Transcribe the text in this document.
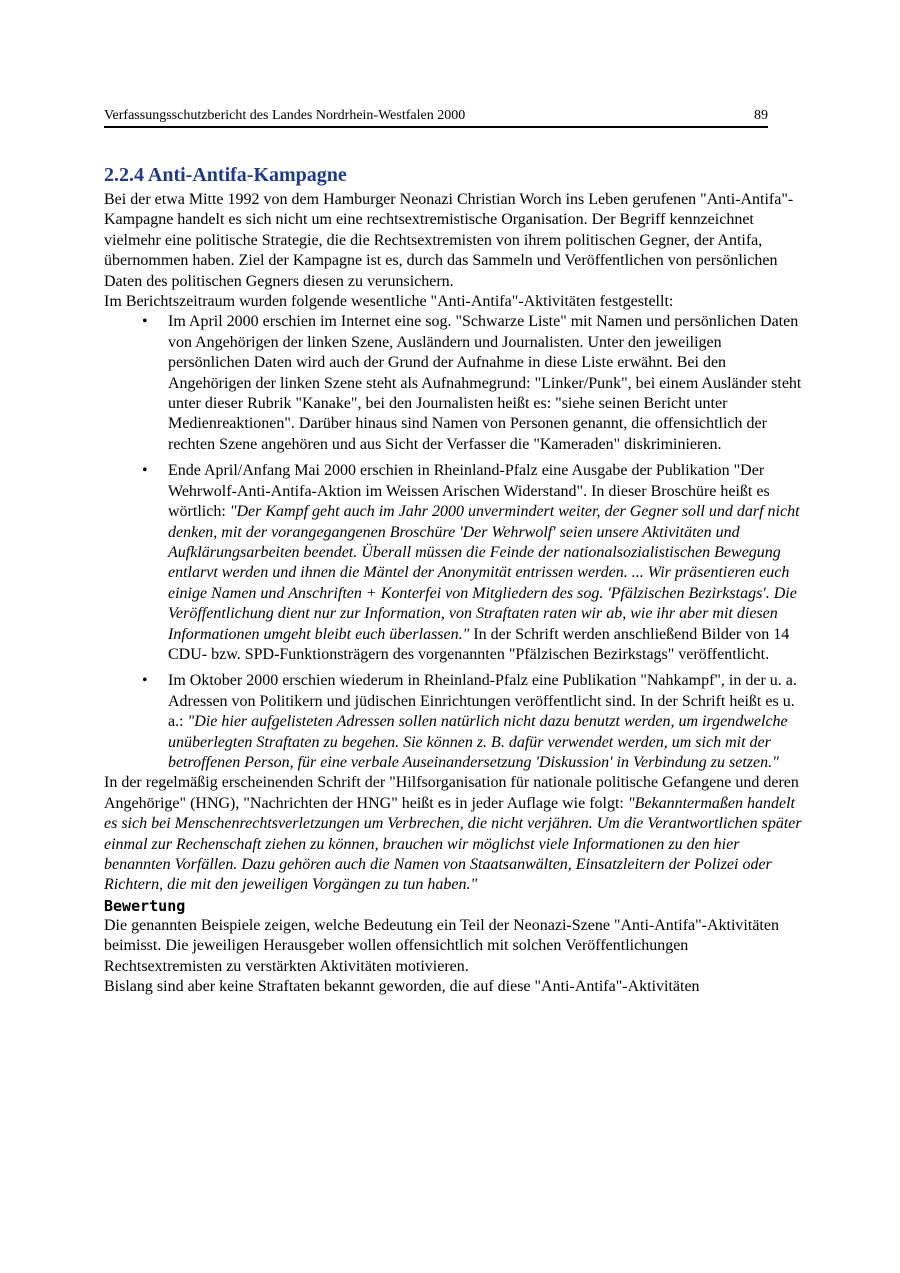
Verfassungsschutzbericht des Landes Nordrhein-Westfalen 2000	89
2.2.4 Anti-Antifa-Kampagne

Bei der etwa Mitte 1992 von dem Hamburger Neonazi Christian Worch ins Leben gerufenen "Anti-Antifa"-Kampagne handelt es sich nicht um eine rechtsextremistische Organisation. Der Begriff kennzeichnet vielmehr eine politische Strategie, die die Rechtsextremisten von ihrem politischen Gegner, der Antifa, übernommen haben. Ziel der Kampagne ist es, durch das Sammeln und Veröffentlichen von persönlichen Daten des politischen Gegners diesen zu verunsichern.

Im Berichtszeitraum wurden folgende wesentliche "Anti-Antifa"-Aktivitäten festgestellt:

• Im April 2000 erschien im Internet eine sog. "Schwarze Liste" mit Namen und persönlichen Daten von Angehörigen der linken Szene, Ausländern und Journalisten. Unter den jeweiligen persönlichen Daten wird auch der Grund der Aufnahme in diese Liste erwähnt. Bei den Angehörigen der linken Szene steht als Aufnahmegrund: "Linker/Punk", bei einem Ausländer steht unter dieser Rubrik "Kanake", bei den Journalisten heißt es: "siehe seinen Bericht unter Medienreaktionen". Darüber hinaus sind Namen von Personen genannt, die offensichtlich der rechten Szene angehören und aus Sicht der Verfasser die "Kameraden" diskriminieren.
• Ende April/Anfang Mai 2000 erschien in Rheinland-Pfalz eine Ausgabe der Publikation "Der Wehrwolf-Anti-Antifa-Aktion im Weissen Arischen Widerstand". In dieser Broschüre heißt es wörtlich: "Der Kampf geht auch im Jahr 2000 unvermindert weiter, der Gegner soll und darf nicht denken, mit der vorangegangenen Broschüre 'Der Wehrwolf' seien unsere Aktivitäten und Aufklärungsarbeiten beendet. Überall müssen die Feinde der nationalsozialistischen Bewegung entlarvt werden und ihnen die Mäntel der Anonymität entrissen werden. ... Wir präsentieren euch einige Namen und Anschriften + Konterfei von Mitgliedern des sog. 'Pfälzischen Bezirkstags'. Die Veröffentlichung dient nur zur Information, von Straftaten raten wir ab, wie ihr aber mit diesen Informationen umgeht bleibt euch überlassen." In der Schrift werden anschließend Bilder von 14 CDU- bzw. SPD-Funktionsträgern des vorgenannten "Pfälzischen Bezirkstags" veröffentlicht.
• Im Oktober 2000 erschien wiederum in Rheinland-Pfalz eine Publikation "Nahkampf", in der u. a. Adressen von Politikern und jüdischen Einrichtungen veröffentlicht sind. In der Schrift heißt es u. a.: "Die hier aufgelisteten Adressen sollen natürlich nicht dazu benutzt werden, um irgendwelche unüberlegten Straftaten zu begehen. Sie können z. B. dafür verwendet werden, um sich mit der betroffenen Person, für eine verbale Auseinandersetzung 'Diskussion' in Verbindung zu setzen."

In der regelmäßig erscheinenden Schrift der "Hilfsorganisation für nationale politische Gefangene und deren Angehörige" (HNG), "Nachrichten der HNG" heißt es in jeder Auflage wie folgt: "Bekanntermaßen handelt es sich bei Menschenrechtsverletzungen um Verbrechen, die nicht verjähren. Um die Verantwortlichen später einmal zur Rechenschaft ziehen zu können, brauchen wir möglichst viele Informationen zu den hier benannten Vorfällen. Dazu gehören auch die Namen von Staatsanwälten, Einsatzleitern der Polizei oder Richtern, die mit den jeweiligen Vorgängen zu tun haben."

Bewertung

Die genannten Beispiele zeigen, welche Bedeutung ein Teil der Neonazi-Szene "Anti-Antifa"-Aktivitäten beimisst. Die jeweiligen Herausgeber wollen offensichtlich mit solchen Veröffentlichungen Rechtsextremisten zu verstärkten Aktivitäten motivieren.

Bislang sind aber keine Straftaten bekannt geworden, die auf diese "Anti-Antifa"-Aktivitäten
